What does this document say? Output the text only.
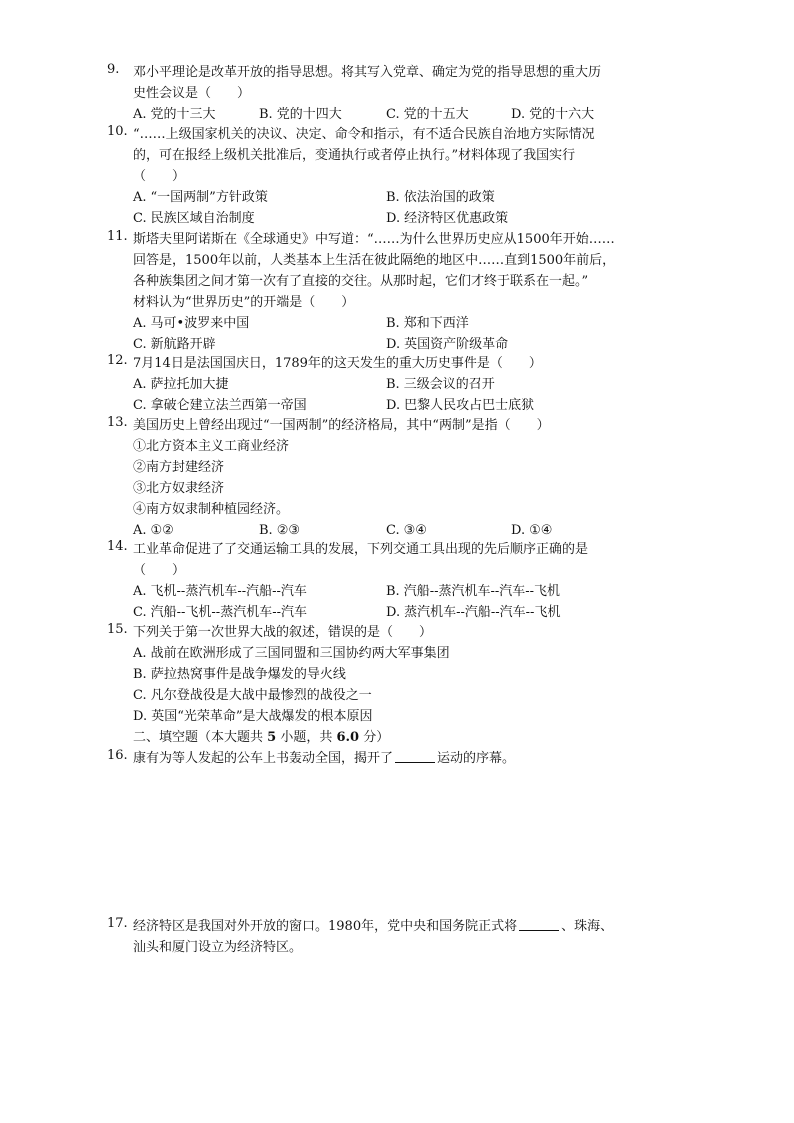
9. 邓小平理论是改革开放的指导思想。将其写入党章、确定为党的指导思想的重大历
史性会议是（　　）
A. 党的十三大	B. 党的十四大	C. 党的十五大	D. 党的十六大
10. “……上级国家机关的决议、决定、命令和指示，有不适合民族自治地方实际情况
的，可在报经上级机关批准后，变通执行或者停止执行。”材料体现了我国实行
（　　）
A. “一国两制”方针政策	B. 依法治国的政策
C. 民族区域自治制度	D. 经济特区优惠政策
11. 斯塔夫里阿诺斯在《全球通史》中写道：“……为什么世界历史应从1500年开始……
回答是，1500年以前，人类基本上生活在彼此隔绝的地区中……直到1500年前后，
各种族集团之间才第一次有了直接的交往。从那时起，它们才终于联系在一起。”
材料认为“世界历史”的开端是（　　）
A. 马可•波罗来中国	B. 郑和下西洋
C. 新航路开辟	D. 英国资产阶级革命
12. 7月14日是法国国庆日，1789年的这天发生的重大历史事件是（　　）
A. 萨拉托加大捷	B. 三级会议的召开
C. 拿破仑建立法兰西第一帝国	D. 巴黎人民攻占巴士底狱
13. 美国历史上曾经出现过“一国两制”的经济格局，其中“两制”是指（　　）
①北方资本主义工商业经济
②南方封建经济
③北方奴隶经济
④南方奴隶制种植园经济。
A. ①②	B. ②③	C. ③④	D. ①④
14. 工业革命促进了了交通运输工具的发展，下列交通工具出现的先后顺序正确的是
（　　）
A. 飞机--蒸汽机车--汽船--汽车	B. 汽船--蒸汽机车--汽车--飞机
C. 汽船--飞机--蒸汽机车--汽车	D. 蒸汽机车--汽船--汽车--飞机
15. 下列关于第一次世界大战的叙述，错误的是（　　）
A. 战前在欧洲形成了三国同盟和三国协约两大军事集团
B. 萨拉热窝事件是战争爆发的导火线
C. 凡尔登战役是大战中最惨烈的战役之一
D. 英国“光荣革命”是大战爆发的根本原因
二、填空题（本大题共 5 小题，共 6.0 分）
16. 康有为等人发起的公车上书轰动全国，揭开了	运动的序幕。
17. 经济特区是我国对外开放的窗口。1980年，党中央和国务院正式将	、珠海、
汕头和厦门设立为经济特区。
